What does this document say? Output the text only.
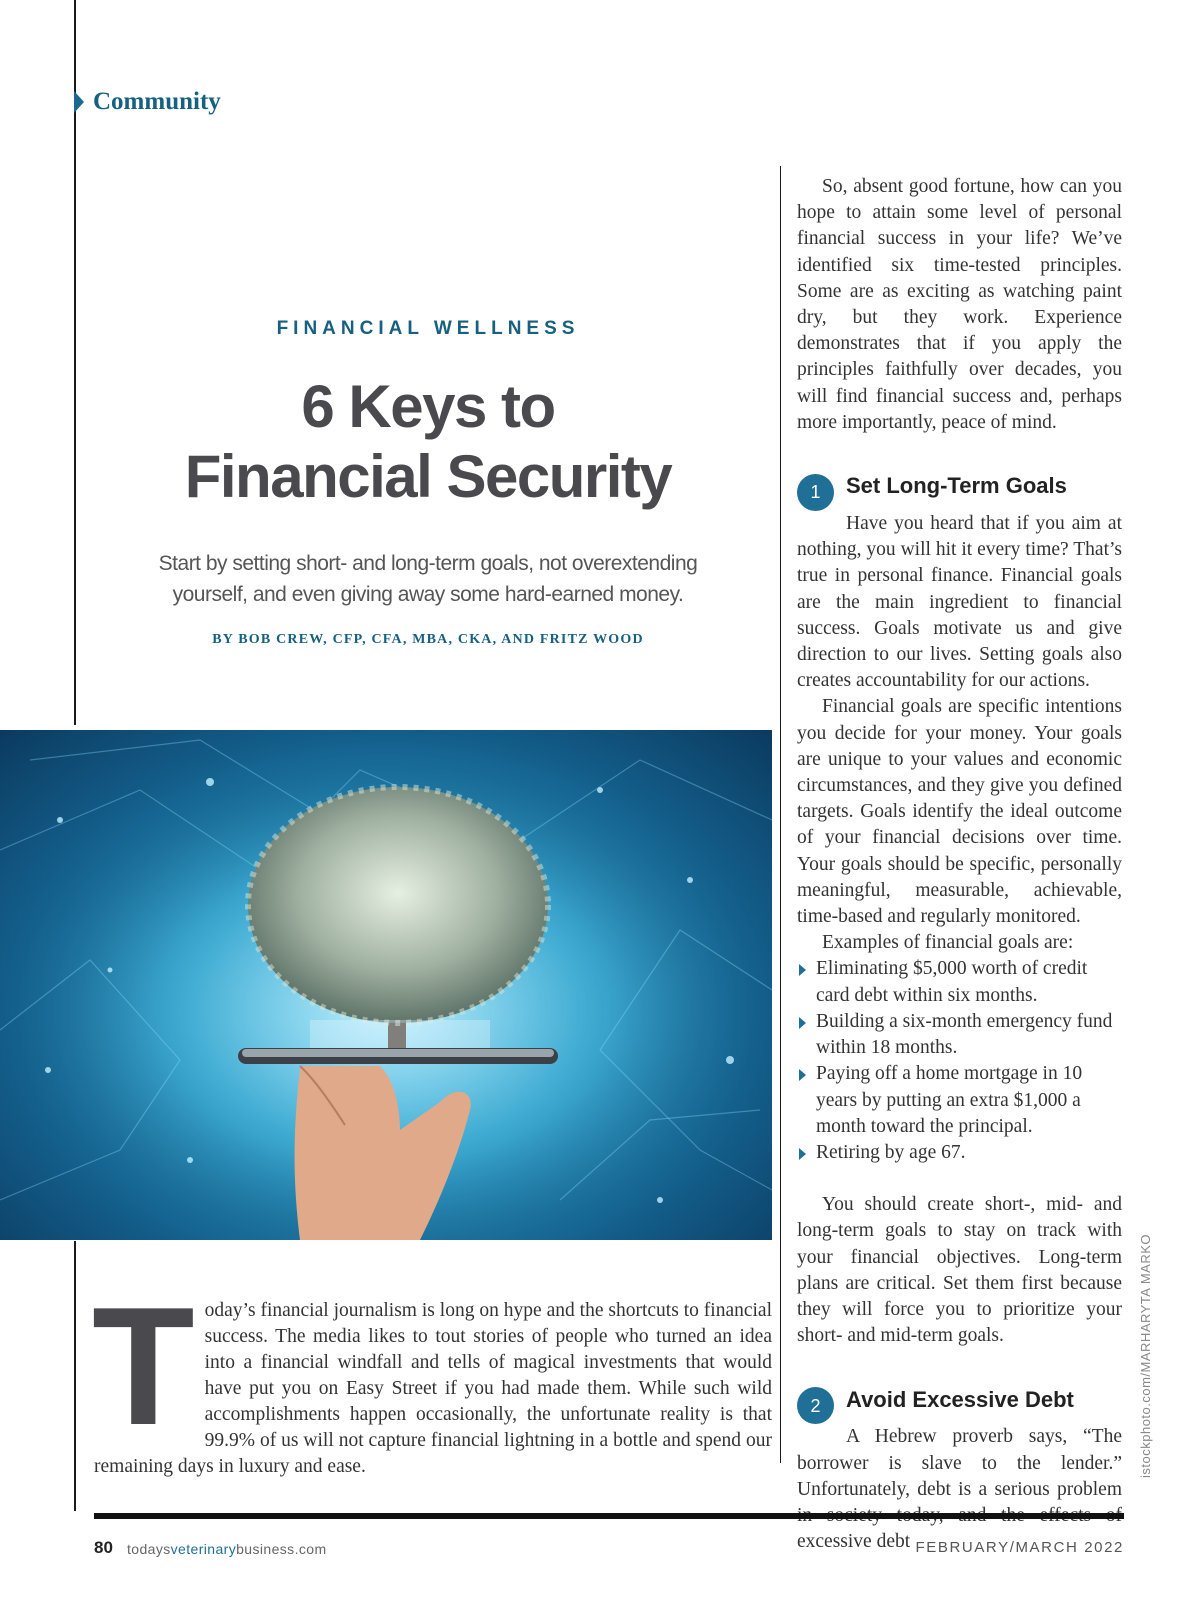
Community
FINANCIAL WELLNESS
6 Keys to
Financial Security
Start by setting short- and long-term goals, not overextending yourself, and even giving away some hard-earned money.
BY BOB CREW, CFP, CFA, MBA, CKA, AND FRITZ WOOD
Today’s financial journalism is long on hype and the shortcuts to financial success. The media likes to tout stories of people who turned an idea into a financial windfall and tells of magical investments that would have put you on Easy Street if you had made them. While such wild accomplishments happen occasionally, the unfortunate reality is that 99.9% of us will not capture financial lightning in a bottle and spend our remaining days in luxury and ease.

So, absent good fortune, how can you hope to attain some level of personal financial success in your life? We’ve identified six time-tested principles. Some are as exciting as watching paint dry, but they work. Experience demonstrates that if you apply the principles faithfully over decades, you will find financial success and, perhaps more importantly, peace of mind.

1	Set Long-Term Goals

Have you heard that if you aim at nothing, you will hit it every time? That’s true in personal finance. Financial goals are the main ingredient to financial success. Goals motivate us and give direction to our lives. Setting goals also creates accountability for our actions.

Financial goals are specific intentions you decide for your money. Your goals are unique to your values and economic circumstances, and they give you defined targets. Goals identify the ideal outcome of your financial decisions over time. Your goals should be specific, personally meaningful, measurable, achievable, time-based and regularly monitored.

Examples of financial goals are:

Eliminating $5,000 worth of credit card debt within six months.
Building a six-month emergency fund within 18 months.
Paying off a home mortgage in 10 years by putting an extra $1,000 a month toward the principal.
Retiring by age 67.

You should create short-, mid- and long-term goals to stay on track with your financial objectives. Long-term plans are critical. Set them first because they will force you to prioritize your short- and mid-term goals.

2	Avoid Excessive Debt

A Hebrew proverb says, “The borrower is slave to the lender.” Unfortunately, debt is a serious problem excessive debt

istockphoto.com/MARHARYTA MARKO
80 todaysveterinarybusiness.com	FEBRUARY/MARCH 2022
